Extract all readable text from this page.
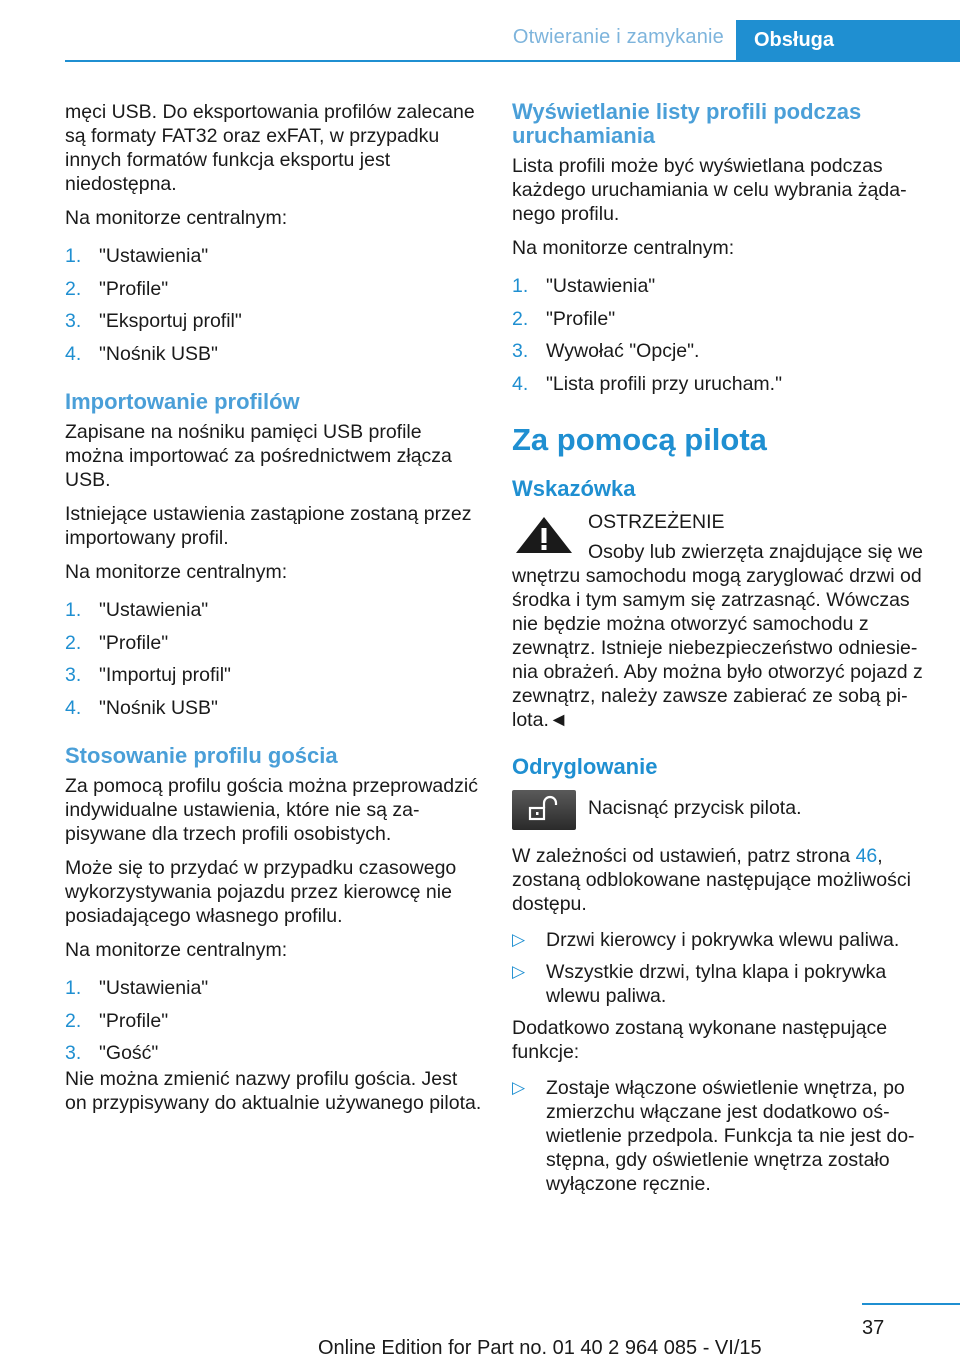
Otwieranie i zamykanie	Obsługa

męci USB. Do eksportowania profilów zalecane są formaty FAT32 oraz exFAT, w przypadku innych formatów funkcja eksportu jest niedostępna.

Na monitorze centralnym:

1. "Ustawienia"
2. "Profile"
3. "Eksportuj profil"
4. "Nośnik USB"
Importowanie profilów

Zapisane na nośniku pamięci USB profile można importować za pośrednictwem złącza USB.

Istniejące ustawienia zastąpione zostaną przez importowany profil.

Na monitorze centralnym:

1. "Ustawienia"
2. "Profile"
3. "Importuj profil"
4. "Nośnik USB"
Stosowanie profilu gościa

Za pomocą profilu gościa można przeprowadzić indywidualne ustawienia, które nie są zapisywane dla trzech profili osobistych.

Może się to przydać w przypadku czasowego wykorzystywania pojazdu przez kierowcę nie posiadającego własnego profilu.

Na monitorze centralnym:

1. "Ustawienia"
2. "Profile"
3. "Gość"

Nie można zmienić nazwy profilu gościa. Jest on przypisywany do aktualnie używanego pilota.

Wyświetlanie listy profili podczas uruchamiania

Lista profili może być wyświetlana podczas każdego uruchamiania w celu wybrania żądanego profilu.

Na monitorze centralnym:

1. "Ustawienia"
2. "Profile"
3. Wywołać "Opcje".
4. "Lista profili przy urucham."
Za pomocą pilota
Wskazówka
OSTRZEŻENIE

Osoby lub zwierzęta znajdujące się we wnętrzu samochodu mogą zaryglować drzwi od środka i tym samym się zatrzasnąć. Wówczas nie będzie można otworzyć samochodu z zewnątrz. Istnieje niebezpieczeństwo odniesienia obrażeń. Aby można było otworzyć pojazd z zewnątrz, należy zawsze zabierać ze sobą pilota.◄

Odryglowanie

Nacisnąć przycisk pilota.

W zależności od ustawień, patrz strona 46, zostaną odblokowane następujące możliwości dostępu.

▷ Drzwi kierowcy i pokrywka wlewu paliwa.
▷ Wszystkie drzwi, tylna klapa i pokrywka wlewu paliwa.

Dodatkowo zostaną wykonane następujące funkcje:

▷ Zostaje włączone oświetlenie wnętrza, po zmierzchu włączane jest dodatkowo oświetlenie przedpola. Funkcja ta nie jest dostępna, gdy oświetlenie wnętrza zostało wyłączone ręcznie.
37
Online Edition for Part no. 01 40 2 964 085 - VI/15
